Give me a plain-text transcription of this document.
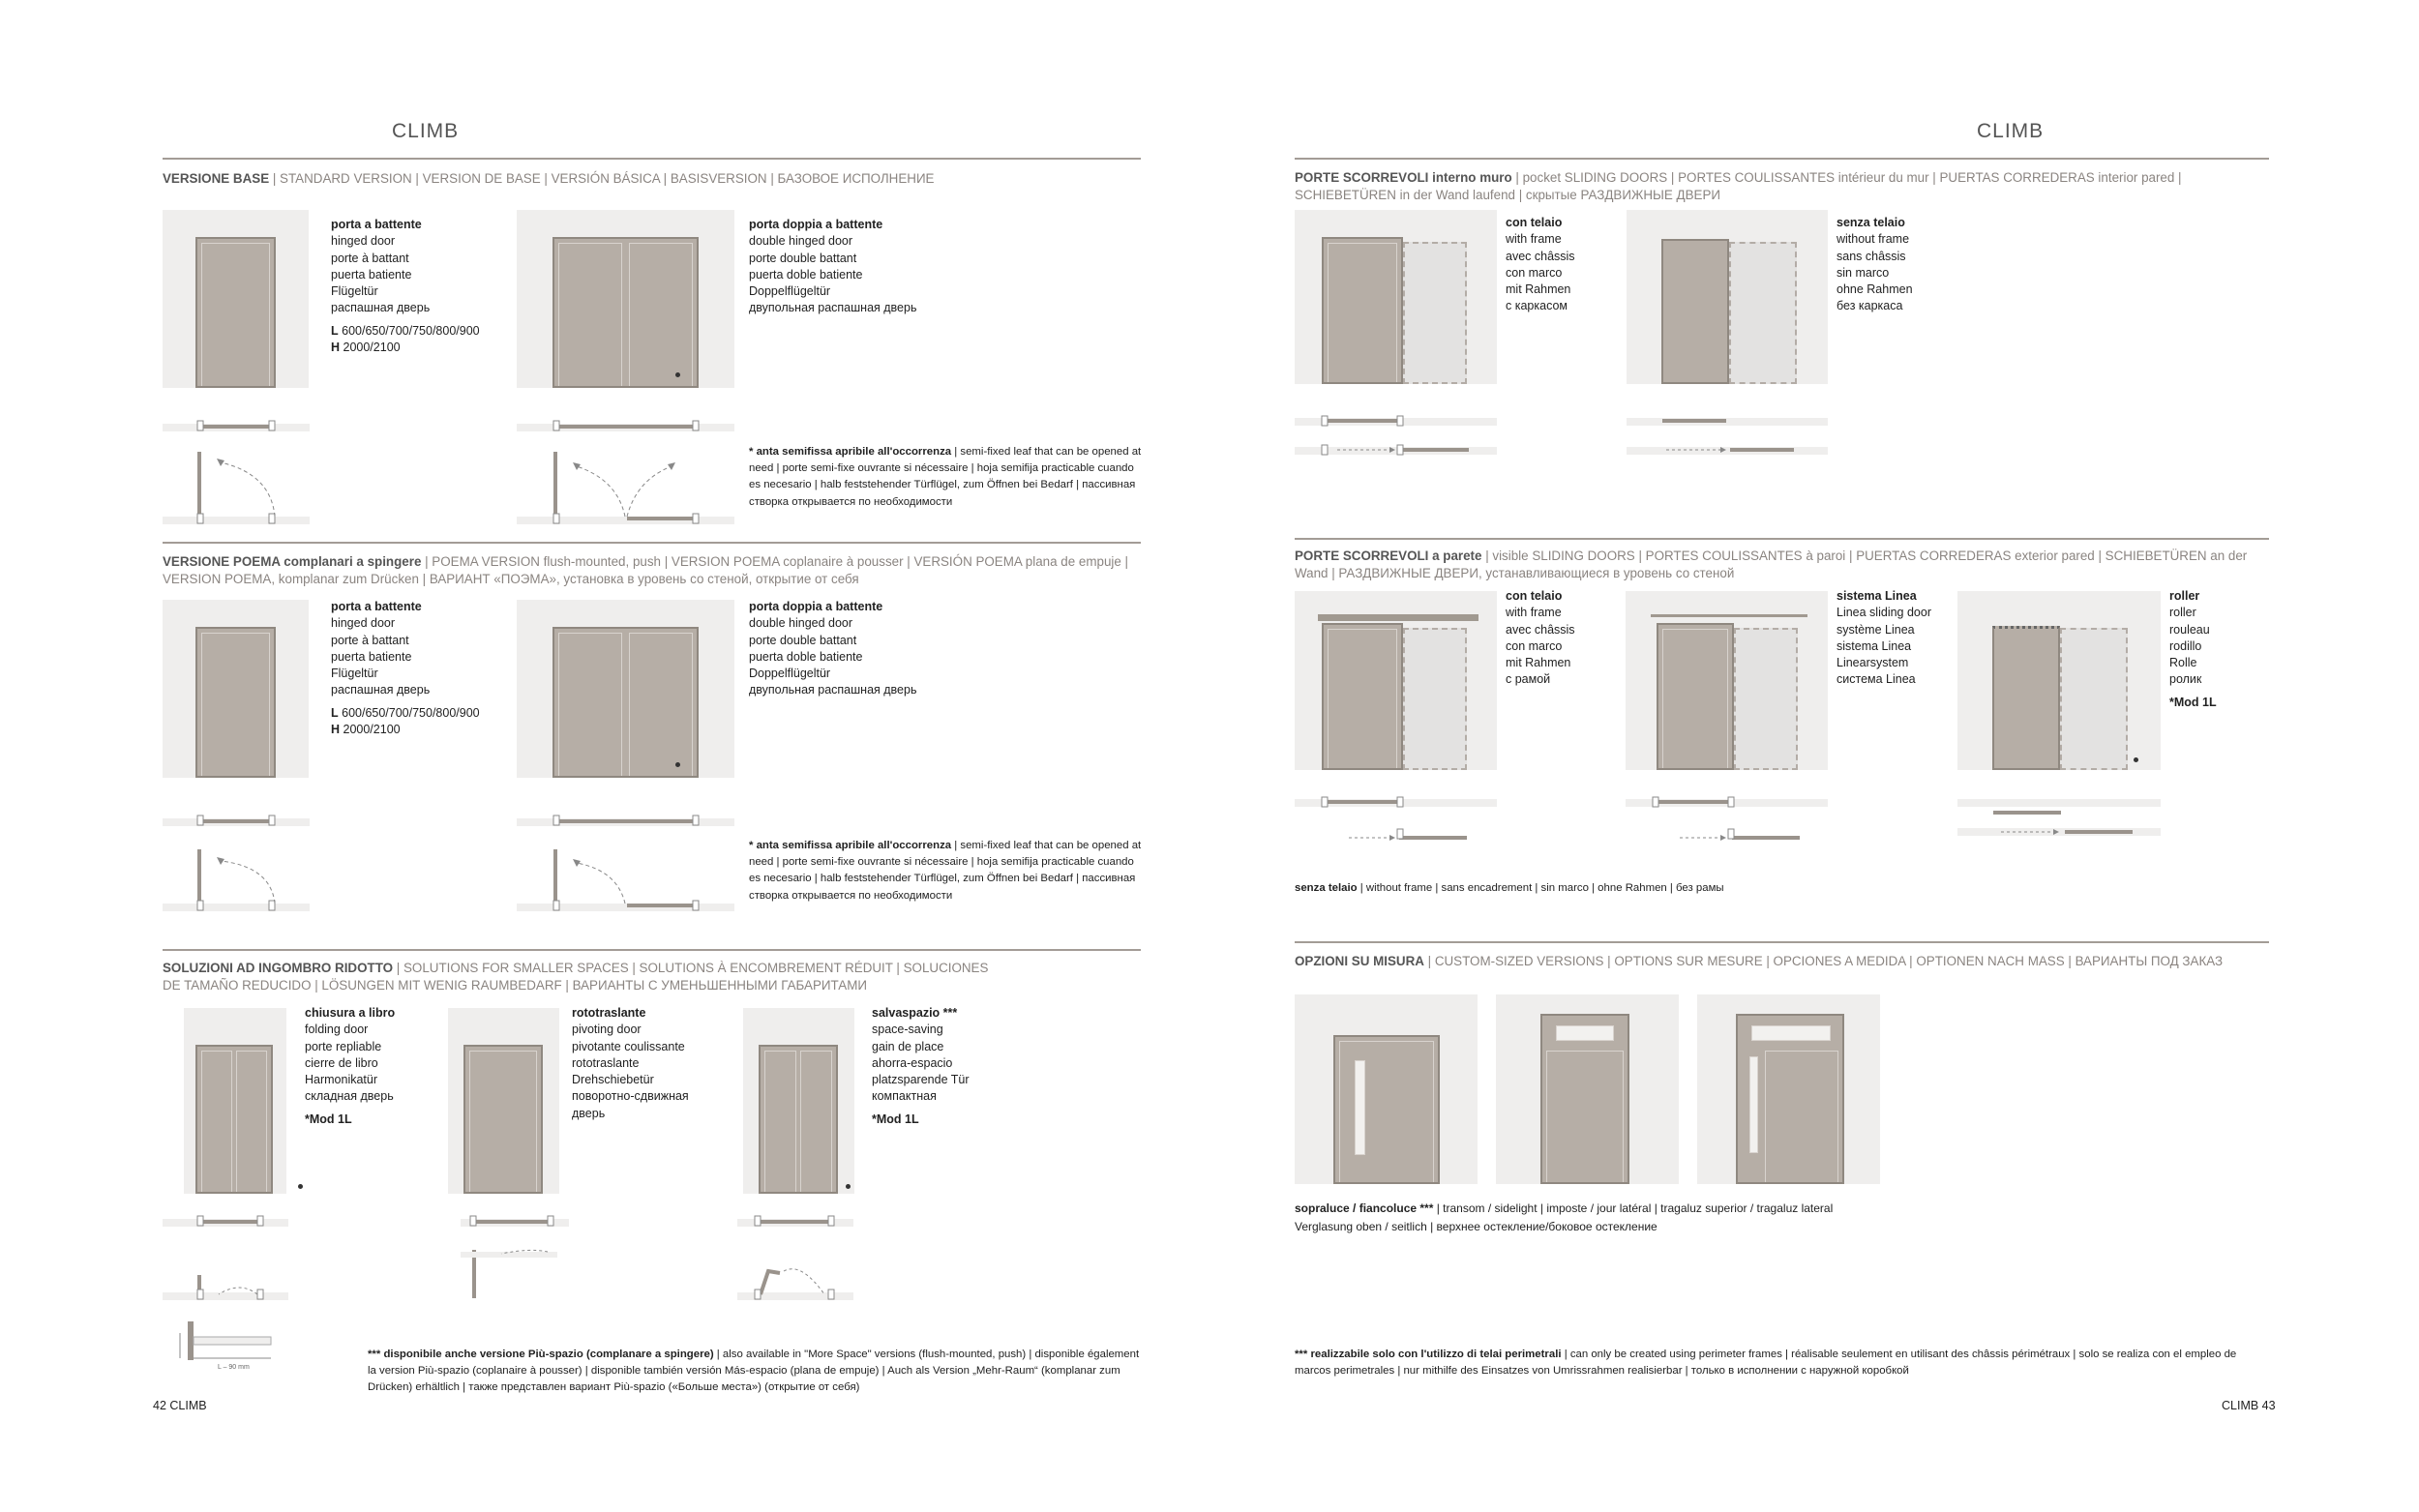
CLIMB
VERSIONE BASE | STANDARD VERSION | VERSION DE BASE | VERSIÓN BÁSICA | BASISVERSION | БАЗОВОЕ ИСПОЛНЕНИЕ
porta a battente
hinged door
porte à battant
puerta batiente
Flügeltür
распашная дверь
L 600/650/700/750/800/900
H 2000/2100
porta doppia a battente
double hinged door
porte double battant
puerta doble batiente
Doppelflügeltür
двупольная распашная дверь
* anta semifissa apribile all'occorrenza | semi-fixed leaf that can be opened at need | porte semi-fixe ouvrante si nécessaire | hoja semifija practicable cuando es necesario | halb feststehender Türflügel, zum Öffnen bei Bedarf | пассивная створка открывается по необходимости
VERSIONE POEMA complanari a spingere | POEMA VERSION flush-mounted, push | VERSION POEMA coplanaire à pousser | VERSIÓN POEMA plana de empuje | VERSION POEMA, komplanar zum Drücken | ВАРИАНТ «ПОЭМА», установка в уровень со стеной, открытие от себя
porta a battente
hinged door
porte à battant
puerta batiente
Flügeltür
распашная дверь
L 600/650/700/750/800/900
H 2000/2100
porta doppia a battente
double hinged door
porte double battant
puerta doble batiente
Doppelflügeltür
двупольная распашная дверь
* anta semifissa apribile all'occorrenza | semi-fixed leaf that can be opened at need | porte semi-fixe ouvrante si nécessaire | hoja semifija practicable cuando es necesario | halb feststehender Türflügel, zum Öffnen bei Bedarf | пассивная створка открывается по необходимости
SOLUZIONI AD INGOMBRO RIDOTTO | SOLUTIONS FOR SMALLER SPACES | SOLUTIONS À ENCOMBREMENT RÉDUIT | SOLUCIONES DE TAMAÑO REDUCIDO | LÖSUNGEN MIT WENIG RAUMBEDARF | ВАРИАНТЫ С УМЕНЬШЕННЫМИ ГАБАРИТАМИ
chiusura a libro
folding door
porte repliable
cierre de libro
Harmonikatür
складная дверь
*Mod 1L
rototraslante
pivoting door
pivotante coulissante
rototraslante
Drehschiebetür
поворотно-сдвижная
дверь
salvaspazio ***
space-saving
gain de place
ahorra-espacio
platzsparende Tür
компактная
*Mod 1L
L – 90 mm
*** disponibile anche versione Più-spazio (complanare a spingere) | also available in "More Space" versions (flush-mounted, push) | disponible également la version Più-spazio (coplanaire à pousser) | disponible también versión Más-espacio (plana de empuje) | Auch als Version „Mehr-Raum“ (komplanar zum Drücken) erhältlich | также представлен вариант Più-spazio («Больше места») (открытие от себя)
42 CLIMB
CLIMB
PORTE SCORREVOLI interno muro | pocket SLIDING DOORS | PORTES COULISSANTES intérieur du mur | PUERTAS CORREDERAS interior pared | SCHIEBETÜREN in der Wand laufend | скрытые РАЗДВИЖНЫЕ ДВЕРИ
con telaio
with frame
avec châssis
con marco
mit Rahmen
с каркасом
senza telaio
without frame
sans châssis
sin marco
ohne Rahmen
без каркаса
PORTE SCORREVOLI a parete | visible SLIDING DOORS | PORTES COULISSANTES à paroi | PUERTAS CORREDERAS exterior pared | SCHIEBETÜREN an der Wand | РАЗДВИЖНЫЕ ДВЕРИ, устанавливающиеся в уровень со стеной
con telaio
with frame
avec châssis
con marco
mit Rahmen
с рамой
sistema Linea
Linea sliding door
système Linea
sistema Linea
Linearsystem
система Linea
roller
roller
rouleau
rodillo
Rolle
ролик
*Mod 1L
senza telaio | without frame | sans encadrement | sin marco | ohne Rahmen | без рамы
OPZIONI SU MISURA | CUSTOM-SIZED VERSIONS | OPTIONS SUR MESURE | OPCIONES A MEDIDA | OPTIONEN NACH MASS | ВАРИАНТЫ ПОД ЗАКАЗ
sopraluce / fiancoluce *** | transom / sidelight | imposte / jour latéral | tragaluz superior / tragaluz lateral Verglasung oben / seitlich | верхнее остекление/боковое остекление
*** realizzabile solo con l'utilizzo di telai perimetrali | can only be created using perimeter frames | réalisable seulement en utilisant des châssis périmétraux | solo se realiza con el empleo de marcos perimetrales | nur mithilfe des Einsatzes von Umrissrahmen realisierbar | только в исполнении с наружной коробкой
CLIMB 43
